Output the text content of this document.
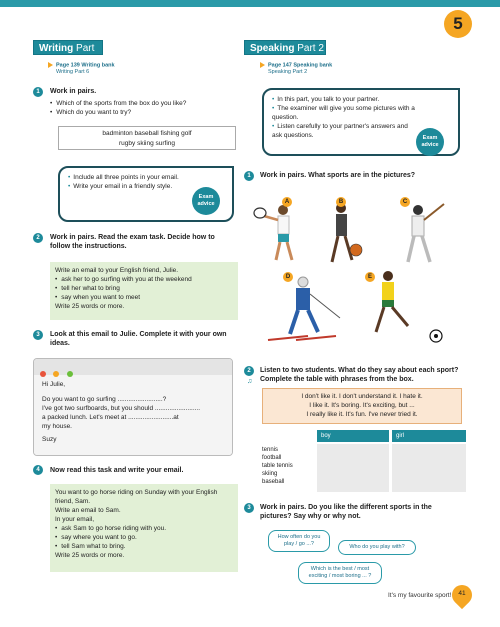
5
Writing Part 6	Page 139 Writing bank
Writing Part 6
1	Work in pairs.
• Which of the sports from the box do you like?
• Which do you want to try?
badminton baseball fishing golf
rugby skiing surfing
• Include all three points in your email.
• Write your email in a friendly style.
Exam advice
2	Work in pairs. Read the exam task. Decide how to follow the instructions.
Write an email to your English friend, Julie.
• ask her to go surfing with you at the weekend
• tell her what to bring
• say when you want to meet
Write 25 words or more.
3	Look at this email to Julie. Complete it with your own ideas.

Hi Julie,
Do you want to go surfing .........................?
I've got two surfboards, but you should .........................
a packed lunch. Let's meet at .........................at
my house.
Suzy
4	Now read this task and write your email.
You want to go horse riding on Sunday with your English friend, Sam.
Write an email to Sam.
In your email,
• ask Sam to go horse riding with you.
• say where you want to go.
• tell Sam what to bring.
Write 25 words or more.
Speaking Part 2
Page 147 Speaking bank
Speaking Part 2
• In this part, you talk to your partner.
• The examiner will give you some pictures with a question.
• Listen carefully to your partner's answers and ask questions.	Exam advice
1	Work in pairs. What sports are in the pictures?
A	B	C
D	E
2
♫
Listen to two students. What do they say about each sport? Complete the table with phrases from the box.
I don't like it. I don't understand it. I hate it.
I like it. It's boring. It's exciting, but ...
I really like it. It's fun. I've never tried it.
boy	girl
tennis
football
table tennis
skiing
baseball
3	Work in pairs. Do you like the different sports in the pictures? Say why or why not.
How often do you play / go ...?	Who do you play with?
Which is the best / most exciting / most boring ... ?
It's my favourite sport!	41
